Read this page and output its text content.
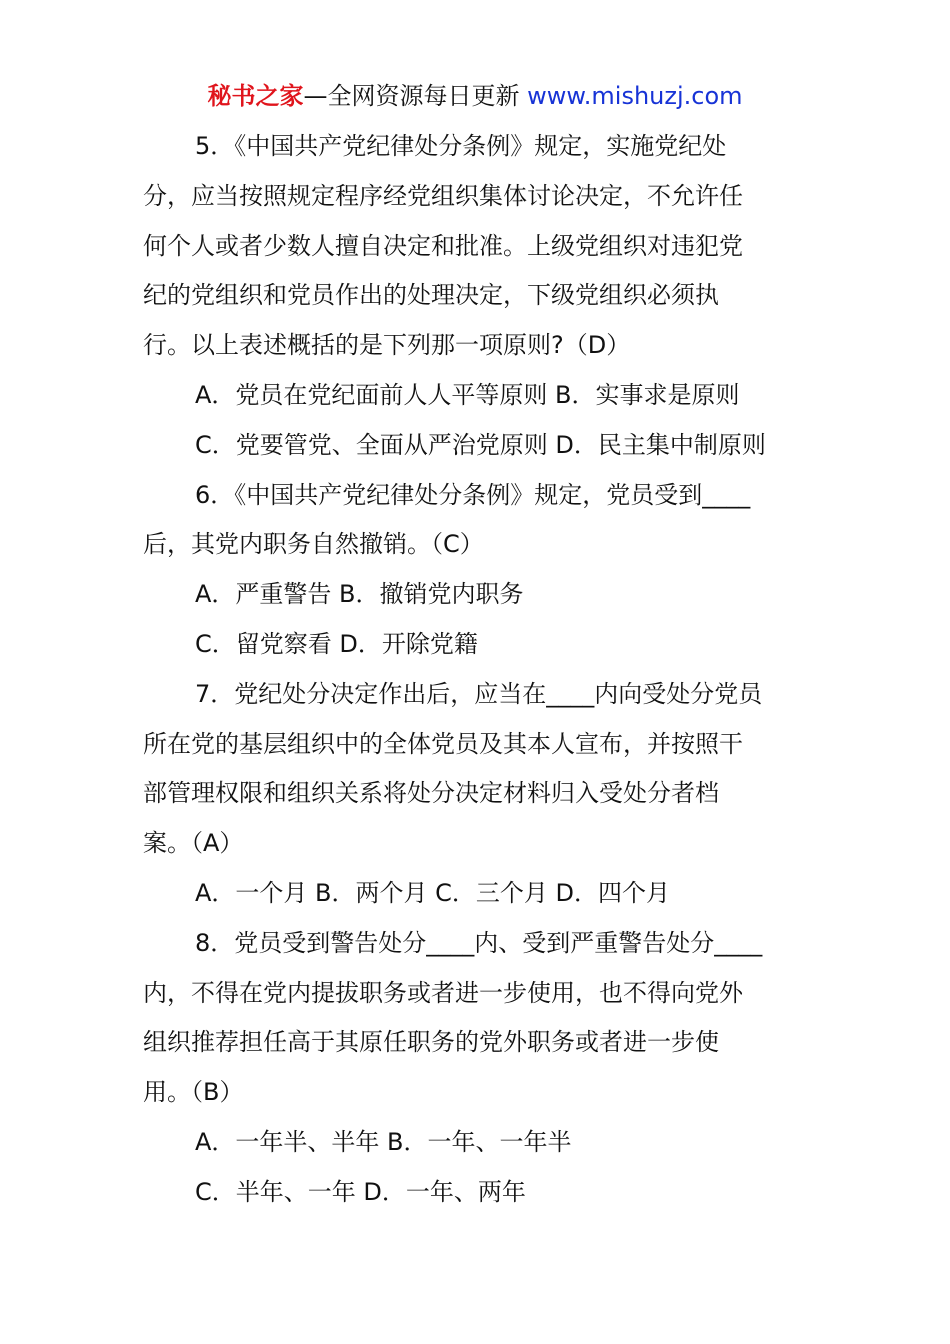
秘书之家—全网资源每日更新 www.mishuzj.com
5．《中国共产党纪律处分条例》规定，实施党纪处
分，应当按照规定程序经党组织集体讨论决定，不允许任
何个人或者少数人擅自决定和批准。上级党组织对违犯党
纪的党组织和党员作出的处理决定，下级党组织必须执
行。以上表述概括的是下列那一项原则?（D）
A．党员在党纪面前人人平等原则 B．实事求是原则
C．党要管党、全面从严治党原则 D．民主集中制原则
6．《中国共产党纪律处分条例》规定，党员受到____
后，其党内职务自然撤销。（C）
A．严重警告 B．撤销党内职务
C．留党察看 D．开除党籍
7．党纪处分决定作出后，应当在____内向受处分党员
所在党的基层组织中的全体党员及其本人宣布，并按照干
部管理权限和组织关系将处分决定材料归入受处分者档
案。（A）
A．一个月 B．两个月 C．三个月 D．四个月
8．党员受到警告处分____内、受到严重警告处分____
内，不得在党内提拔职务或者进一步使用，也不得向党外
组织推荐担任高于其原任职务的党外职务或者进一步使
用。（B）
A．一年半、半年 B．一年、一年半
C．半年、一年 D．一年、两年
